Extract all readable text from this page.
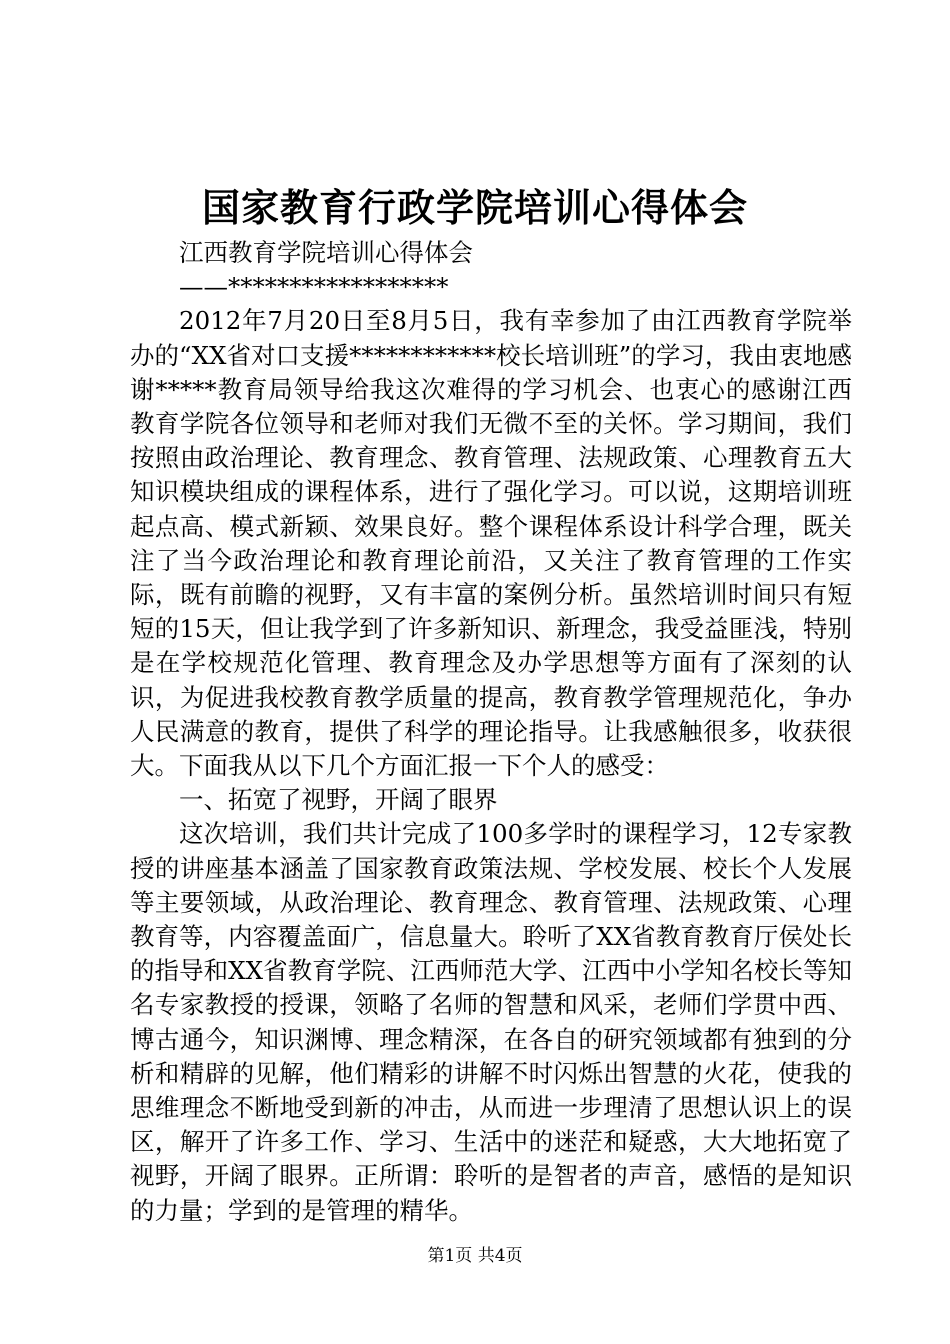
国家教育行政学院培训心得体会

江西教育学院培训心得体会

——******************

2012年7月20日至8月5日，我有幸参加了由江西教育学院举办的“XX省对口支援************校长培训班”的学习，我由衷地感谢*****教育局领导给我这次难得的学习机会、也衷心的感谢江西教育学院各位领导和老师对我们无微不至的关怀。学习期间，我们按照由政治理论、教育理念、教育管理、法规政策、心理教育五大知识模块组成的课程体系，进行了强化学习。可以说，这期培训班起点高、模式新颖、效果良好。整个课程体系设计科学合理，既关注了当今政治理论和教育理论前沿，又关注了教育管理的工作实际，既有前瞻的视野，又有丰富的案例分析。虽然培训时间只有短短的15天，但让我学到了许多新知识、新理念，我受益匪浅，特别是在学校规范化管理、教育理念及办学思想等方面有了深刻的认识，为促进我校教育教学质量的提高，教育教学管理规范化，争办人民满意的教育，提供了科学的理论指导。让我感触很多，收获很大。下面我从以下几个方面汇报一下个人的感受：

一、拓宽了视野，开阔了眼界

这次培训，我们共计完成了100多学时的课程学习，12专家教授的讲座基本涵盖了国家教育政策法规、学校发展、校长个人发展等主要领域，从政治理论、教育理念、教育管理、法规政策、心理教育等，内容覆盖面广，信息量大。聆听了XX省教育教育厅侯处长的指导和XX省教育学院、江西师范大学、江西中小学知名校长等知名专家教授的授课，领略了名师的智慧和风采，老师们学贯中西、博古通今，知识渊博、理念精深，在各自的研究领域都有独到的分析和精辟的见解，他们精彩的讲解不时闪烁出智慧的火花，使我的思维理念不断地受到新的冲击，从而进一步理清了思想认识上的误区，解开了许多工作、学习、生活中的迷茫和疑惑，大大地拓宽了视野，开阔了眼界。正所谓：聆听的是智者的声音，感悟的是知识的力量；学到的是管理的精华。

第1页 共4页
